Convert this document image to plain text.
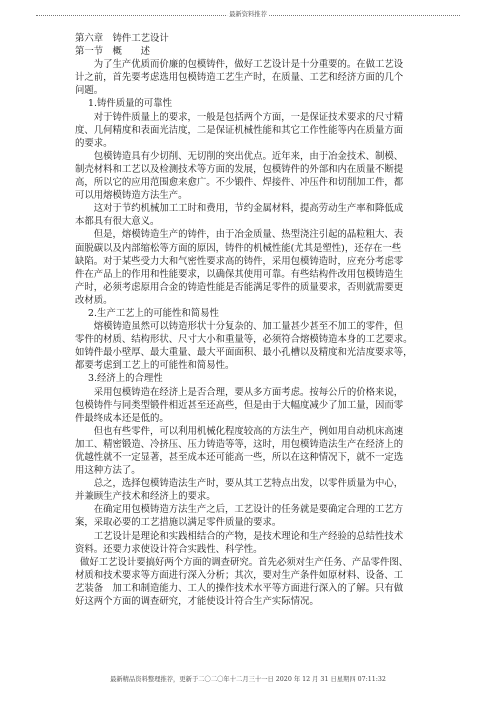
最新资料推荐
第六章　铸件工艺设计
第一节　概　　述
为了生产优质而价廉的包模铸件，做好工艺设计是十分重要的。在做工艺设
计之前，首先要考虑选用包模铸造工艺生产时，在质量、工艺和经济方面的几个
问题。
1.铸件质量的可靠性
对于铸件质量上的要求，一般是包括两个方面，一是保证技术要求的尺寸精
度、几何精度和表面光洁度，二是保证机械性能和其它工作性能等内在质量方面
的要求。
包模铸造具有少切削、无切削的突出优点。近年来，由于冶金技术、制模、
制壳材料和工艺以及检测技术等方面的发展，包模铸件的外部和内在质量不断提
高，所以它的应用范围愈来愈广。不少锻件、焊接件、冲压件和切削加工件，都
可以用熔模铸造方法生产。
这对于节约机械加工工时和费用，节约金属材料，提高劳动生产率和降低成
本都具有很大意义。
但是，熔模铸造生产的铸件，由于冶金质量、热型浇注引起的晶粒粗大、表
面脱碳以及内部缩松等方面的原因，铸件的机械性能(尤其是塑性)，还存在一些
缺陷。对于某些受力大和气密性要求高的铸件，采用包模铸造时，应充分考虑零
件在产品上的作用和性能要求，以确保其使用可靠。有些结构件改用包模铸造生
产时，必须考虑原用合金的铸造性能是否能满足零件的质量要求，否则就需要更
改材质。
2.生产工艺上的可能性和简易性
熔模铸造虽然可以铸造形状十分复杂的、加工量甚少甚至不加工的零件，但
零件的材质、结构形状、尺寸大小和重量等，必须符合熔模铸造本身的工艺要求。
如铸件最小壁厚、最大重量、最大平面面积、最小孔槽以及精度和光洁度要求等，
都要考虑到工艺上的可能性和简易性。
3.经济上的合理性
采用包模铸造在经济上是否合理，要从多方面考虑。按每公斤的价格来说，
包模铸件与同类型锻件相近甚至还高些，但是由于大幅度减少了加工量，因而零
件最终成本还是低的。
但也有些零件，可以利用机械化程度较高的方法生产，例如用自动机床高速
加工、精密锻造、冷挤压、压力铸造等等，这时，用包模铸造法生产在经济上的
优越性就不一定显著，甚至成本还可能高一些，所以在这种情况下，就不一定选
用这种方法了。
总之，选择包模铸造法生产时，要从其工艺特点出发，以零件质量为中心，
并兼顾生产技术和经济上的要求。
在确定用包模铸造方法生产之后，工艺设计的任务就是要确定合理的工艺方
案，采取必要的工艺措施以满足零件质量的要求。
工艺设计是理论和实践相结合的产物，是技术理论和生产经验的总结性技术
资料。还要力求使设计符合实践性、科学性。
做好工艺设计要搞好两个方面的调查研究。首先必须对生产任务、产品零件图、
材质和技术要求等方面进行深入分析；其次，要对生产条件如原材料、设备、工
艺装备　加工和制造能力、工人的操作技术水平等方面进行深入的了解。只有做
好这两个方面的调查研究，才能使设计符合生产实际情况。
最新精品资料整理推荐，更新于二〇二〇年十二月三十一日 2020 年 12 月 31 日星期四 07:11:32
